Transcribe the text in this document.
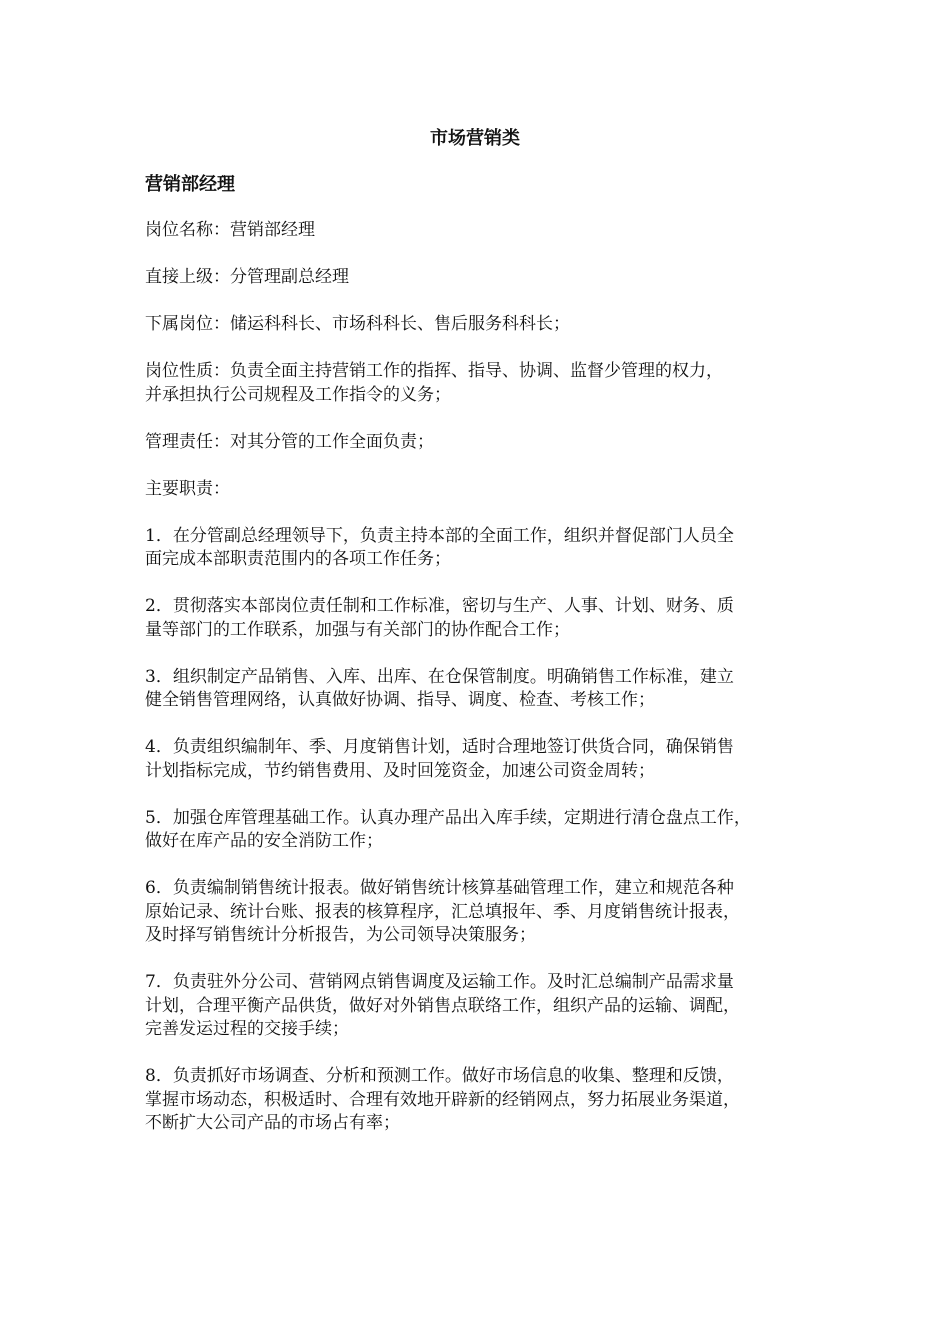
市场营销类
营销部经理

岗位名称：营销部经理

直接上级：分管理副总经理

下属岗位：储运科科长、市场科科长、售后服务科科长；

岗位性质：负责全面主持营销工作的指挥、指导、协调、监督少管理的权力，
并承担执行公司规程及工作指令的义务；

管理责任：对其分管的工作全面负责；

主要职责：

1．在分管副总经理领导下，负责主持本部的全面工作，组织并督促部门人员全
面完成本部职责范围内的各项工作任务；

2．贯彻落实本部岗位责任制和工作标准，密切与生产、人事、计划、财务、质
量等部门的工作联系，加强与有关部门的协作配合工作；

3．组织制定产品销售、入库、出库、在仓保管制度。明确销售工作标准，建立
健全销售管理网络，认真做好协调、指导、调度、检查、考核工作；

4．负责组织编制年、季、月度销售计划，适时合理地签订供货合同，确保销售
计划指标完成，节约销售费用、及时回笼资金，加速公司资金周转；

5．加强仓库管理基础工作。认真办理产品出入库手续，定期进行清仓盘点工作，
做好在库产品的安全消防工作；

6．负责编制销售统计报表。做好销售统计核算基础管理工作，建立和规范各种
原始记录、统计台账、报表的核算程序，汇总填报年、季、月度销售统计报表，
及时择写销售统计分析报告，为公司领导决策服务；

7．负责驻外分公司、营销网点销售调度及运输工作。及时汇总编制产品需求量
计划，合理平衡产品供货，做好对外销售点联络工作，组织产品的运输、调配，
完善发运过程的交接手续；

8．负责抓好市场调查、分析和预测工作。做好市场信息的收集、整理和反馈，
掌握市场动态，积极适时、合理有效地开辟新的经销网点，努力拓展业务渠道，
不断扩大公司产品的市场占有率；
